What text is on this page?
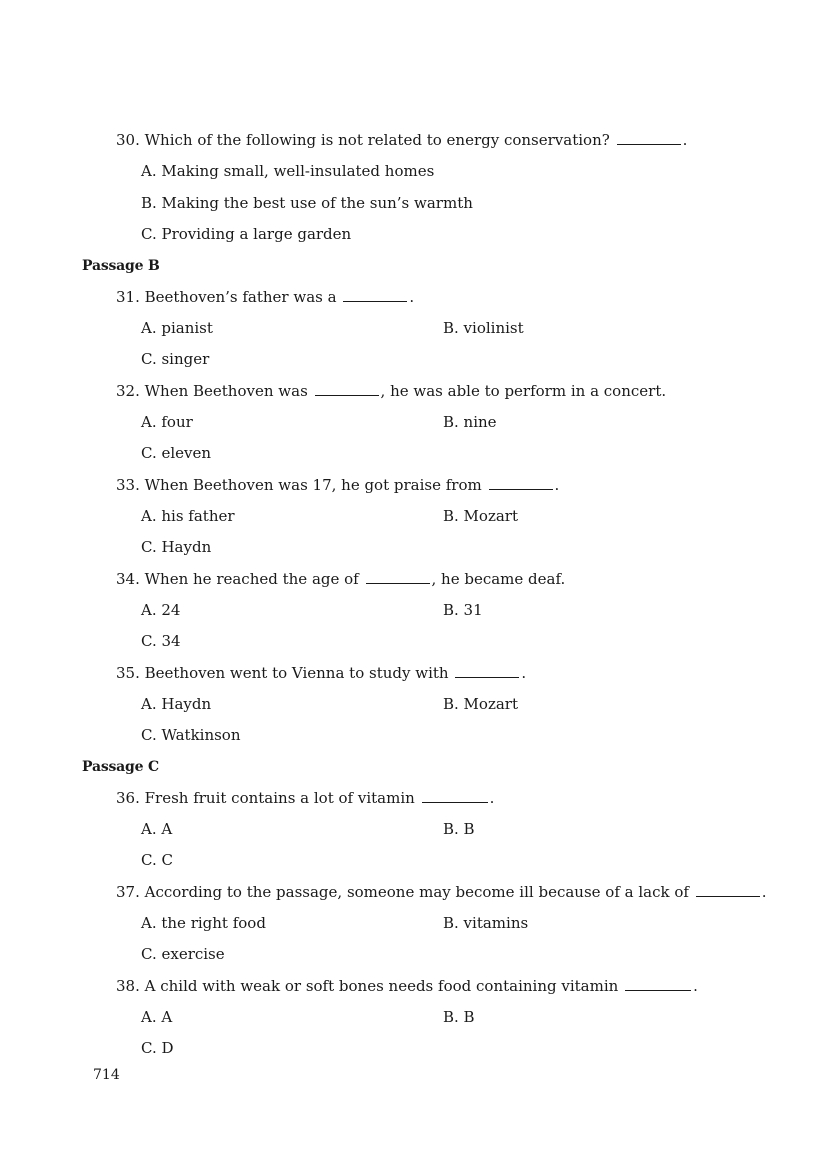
30. Which of the following is not related to energy conservation?	.
A. Making small, well-insulated homes
B. Making the best use of the sun’s warmth
C. Providing a large garden
Passage B
31. Beethoven’s father was a	.
A. pianist	B. violinist
C. singer
32. When Beethoven was	, he was able to perform in a concert.
A. four	B. nine
C. eleven
33. When Beethoven was 17, he got praise from	.
A. his father	B. Mozart
C. Haydn
34. When he reached the age of	, he became deaf.
A. 24	B. 31
C. 34
35. Beethoven went to Vienna to study with	.
A. Haydn	B. Mozart
C. Watkinson
Passage C
36. Fresh fruit contains a lot of vitamin	.
A. A	B. B
C. C
37. According to the passage, someone may become ill because of a lack of	.
A. the right food	B. vitamins
C. exercise
38. A child with weak or soft bones needs food containing vitamin	.
A. A	B. B
C. D
714
